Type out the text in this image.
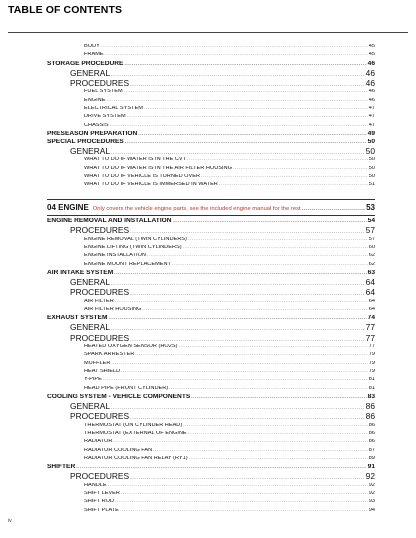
TABLE OF CONTENTS
BODY .....	45
FRAME .....	45
STORAGE PROCEDURE .....	46
GENERAL .....	46
PROCEDURES .....	46
FUEL SYSTEM .....	46
ENGINE .....	46
ELECTRICAL SYSTEM .....	47
DRIVE SYSTEM .....	47
CHASSIS .....	47
PRESEASON PREPARATION .....	49
SPECIAL PROCEDURES .....	50
GENERAL .....	50
WHAT TO DO IF WATER IS IN THE CVT .....	50
WHAT TO DO IF WATER IS IN THE AIR FILTER HOUSING .....	50
WHAT TO DO IF VEHICLE IS TURNED OVER .....	50
WHAT TO DO IF VEHICLE IS IMMERSED IN WATER .....	51
04 ENGINE Only covers the vehicle engine parts, see the included engine manual for the rest .....	53
ENGINE REMOVAL AND INSTALLATION .....	54
PROCEDURES .....	57
ENGINE REMOVAL (TWIN CYLINDERS) .....	57
ENGINE LIFTING (TWIN CYLINDERS) .....	60
ENGINE INSTALLATION .....	62
ENGINE MOUNT REPLACEMENT .....	62
AIR INTAKE SYSTEM .....	63
GENERAL .....	64
PROCEDURES .....	64
AIR FILTER .....	64
AIR FILTER HOUSING .....	64
EXHAUST SYSTEM .....	74
GENERAL .....	77
PROCEDURES .....	77
HEATED OXYGEN SENSOR (HO2S) .....	77
SPARK ARRESTER .....	79
MUFFLER .....	79
HEAT SHIELD .....	79
Y-PIPE .....	81
HEAD PIPE (FRONT CYLINDER) .....	81
COOLING SYSTEM - VEHICLE COMPONENTS .....	83
GENERAL .....	86
PROCEDURES .....	86
THERMOSTAT (ON CYLINDER HEAD) .....	86
THERMOSTAT (EXTERNAL OF ENGINE .....	86
RADIATOR .....	86
RADIATOR COOLING FAN .....	87
RADIATOR COOLING FAN RELAY (RY1) .....	89
SHIFTER .....	91
PROCEDURES .....	92
HANDLE .....	92
SHIFT LEVER .....	92
SHIFT ROD .....	93
SHIFT PLATE .....	94
iv
